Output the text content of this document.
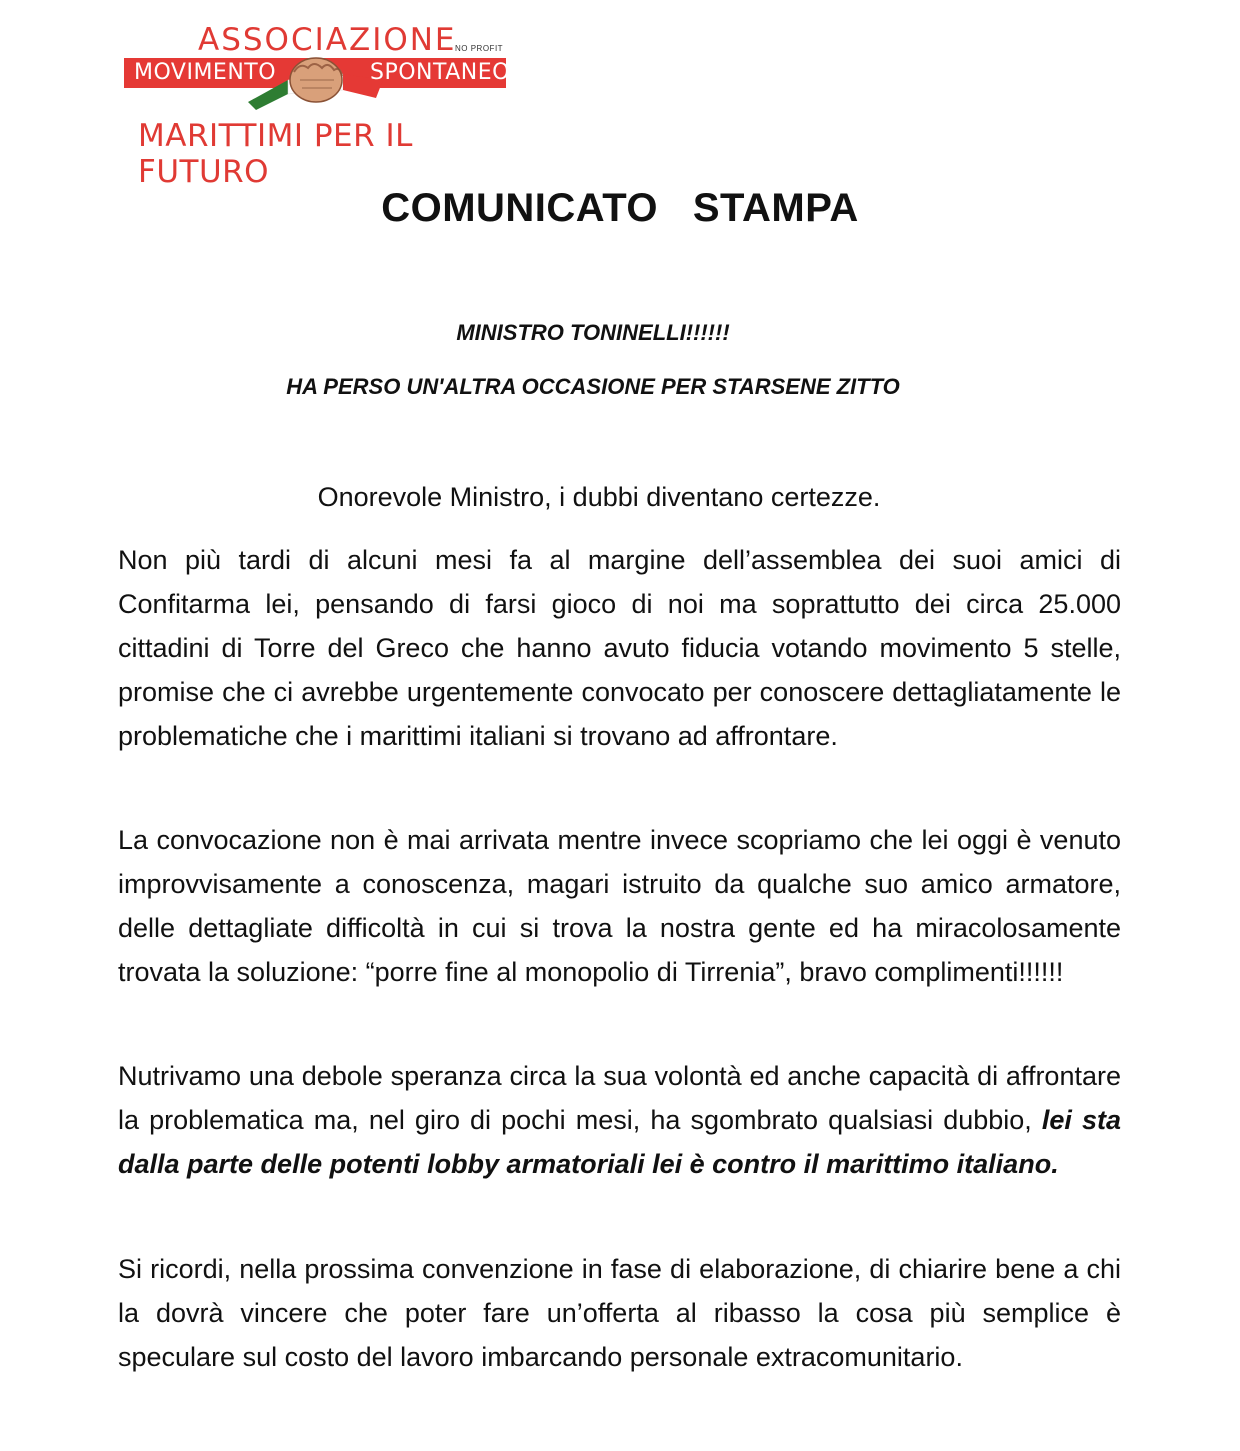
ASSOCIAZIONE
NO PROFIT
MOVIMENTO	SPONTANEO
MARITTIMI PER IL FUTURO
COMUNICATO   STAMPA
MINISTRO TONINELLI!!!!!!
HA PERSO UN'ALTRA OCCASIONE PER STARSENE ZITTO
Onorevole Ministro, i dubbi diventano certezze.
Non più tardi di alcuni mesi fa al margine dell’assemblea dei suoi amici di Confitarma lei, pensando di farsi gioco di noi ma soprattutto dei circa 25.000 cittadini di Torre del Greco che hanno avuto fiducia votando movimento 5 stelle, promise che ci avrebbe urgentemente convocato per conoscere dettagliatamente le problematiche che i marittimi italiani si trovano ad affrontare.
La convocazione non è mai arrivata mentre invece scopriamo che lei oggi è venuto improvvisamente a conoscenza, magari istruito da qualche suo amico armatore, delle dettagliate difficoltà in cui si trova la nostra gente ed ha miracolosamente trovata la soluzione: “porre fine al monopolio di Tirrenia”, bravo complimenti!!!!!!
Nutrivamo una debole speranza circa la sua volontà ed anche capacità di affrontare la problematica ma, nel giro di pochi mesi, ha sgombrato qualsiasi dubbio, lei sta dalla parte delle potenti lobby armatoriali lei è contro il marittimo italiano.
Si ricordi, nella prossima convenzione in fase di elaborazione, di chiarire bene a chi la dovrà vincere che poter fare un’offerta al ribasso la cosa più semplice è speculare sul costo del lavoro imbarcando personale extracomunitario.
